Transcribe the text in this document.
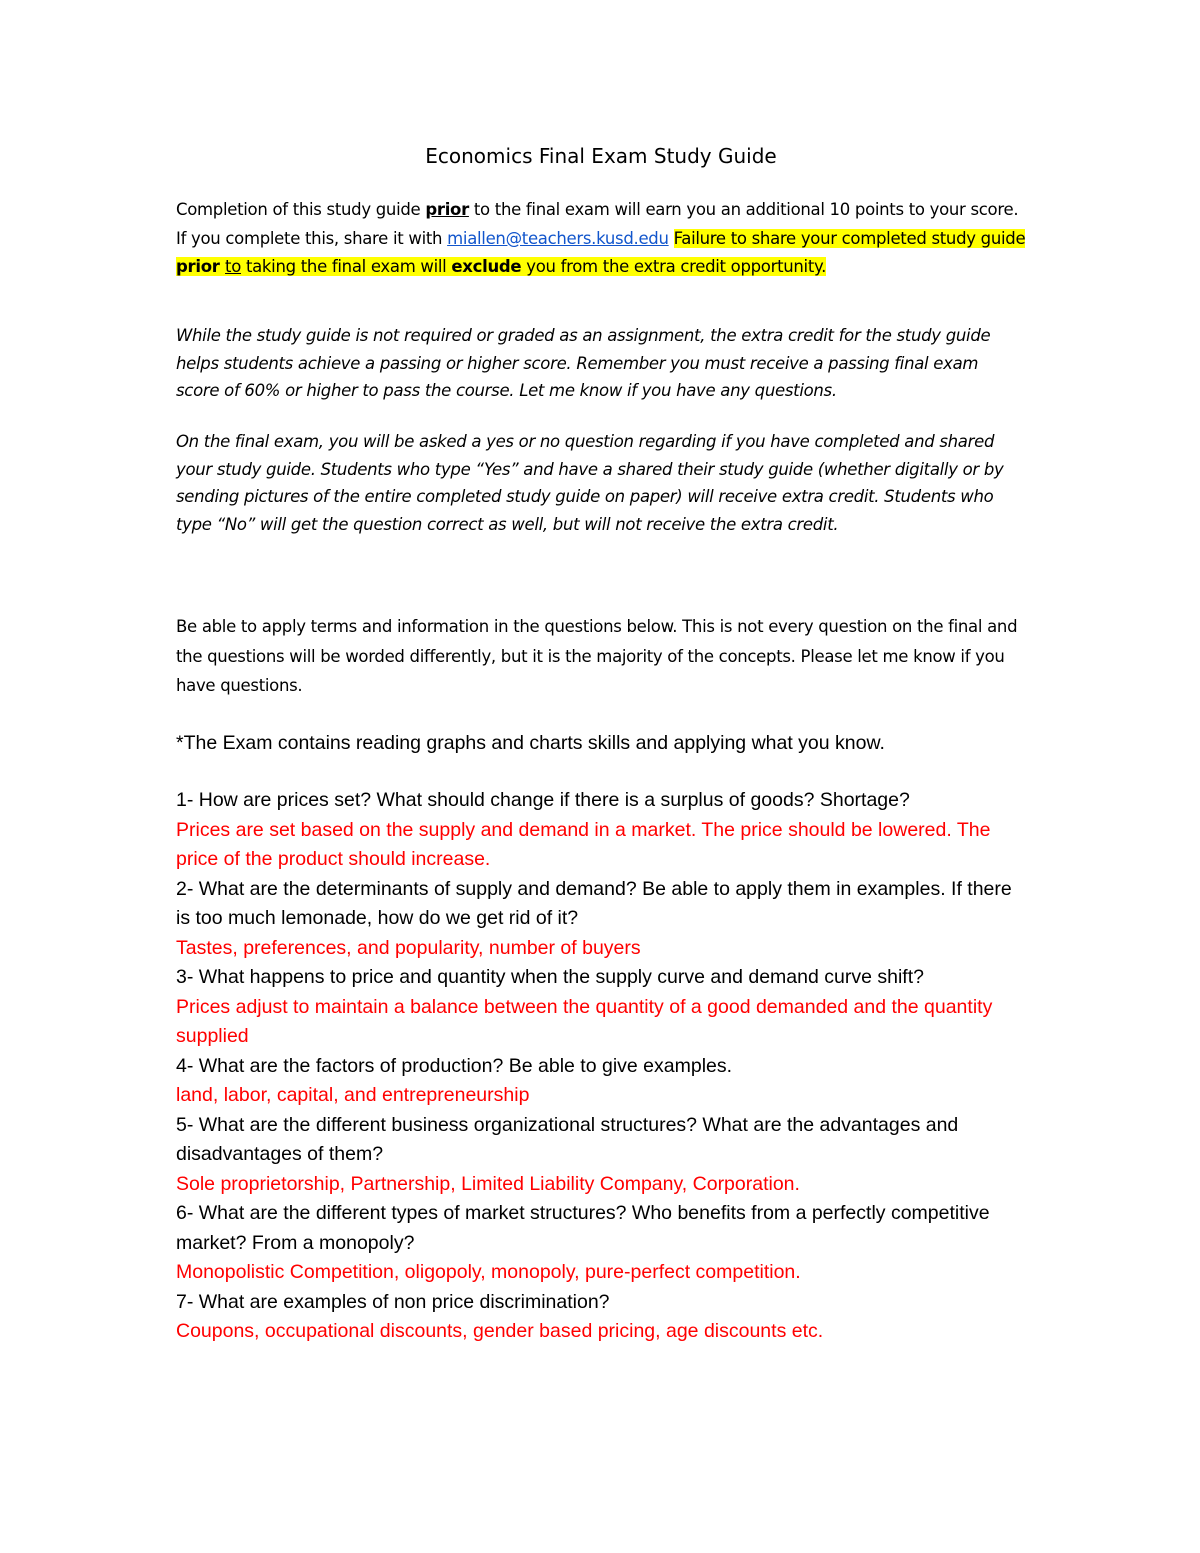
Economics Final Exam Study Guide
Completion of this study guide prior to the final exam will earn you an additional 10 points to your score. If you complete this, share it with miallen@teachers.kusd.edu Failure to share your completed study guide prior to taking the final exam will exclude you from the extra credit opportunity.
While the study guide is not required or graded as an assignment, the extra credit for the study guide helps students achieve a passing or higher score. Remember you must receive a passing final exam score of 60% or higher to pass the course. Let me know if you have any questions.
On the final exam, you will be asked a yes or no question regarding if you have completed and shared your study guide. Students who type “Yes” and have a shared their study guide (whether digitally or by sending pictures of the entire completed study guide on paper) will receive extra credit. Students who type “No” will get the question correct as well, but will not receive the extra credit.
Be able to apply terms and information in the questions below. This is not every question on the final and the questions will be worded differently, but it is the majority of the concepts. Please let me know if you have questions.
*The Exam contains reading graphs and charts skills and applying what you know.

1- How are prices set? What should change if there is a surplus of goods? Shortage?

Prices are set based on the supply and demand in a market. The price should be lowered. The price of the product should increase.

2- What are the determinants of supply and demand? Be able to apply them in examples. If there is too much lemonade, how do we get rid of it?

Tastes, preferences, and popularity, number of buyers

3- What happens to price and quantity when the supply curve and demand curve shift?

Prices adjust to maintain a balance between the quantity of a good demanded and the quantity supplied

4- What are the factors of production? Be able to give examples.

land, labor, capital, and entrepreneurship

5- What are the different business organizational structures? What are the advantages and disadvantages of them?

Sole proprietorship, Partnership, Limited Liability Company, Corporation.

6- What are the different types of market structures? Who benefits from a perfectly competitive market? From a monopoly?

Monopolistic Competition, oligopoly, monopoly, pure-perfect competition.

7- What are examples of non price discrimination?

Coupons, occupational discounts, gender based pricing, age discounts etc.
